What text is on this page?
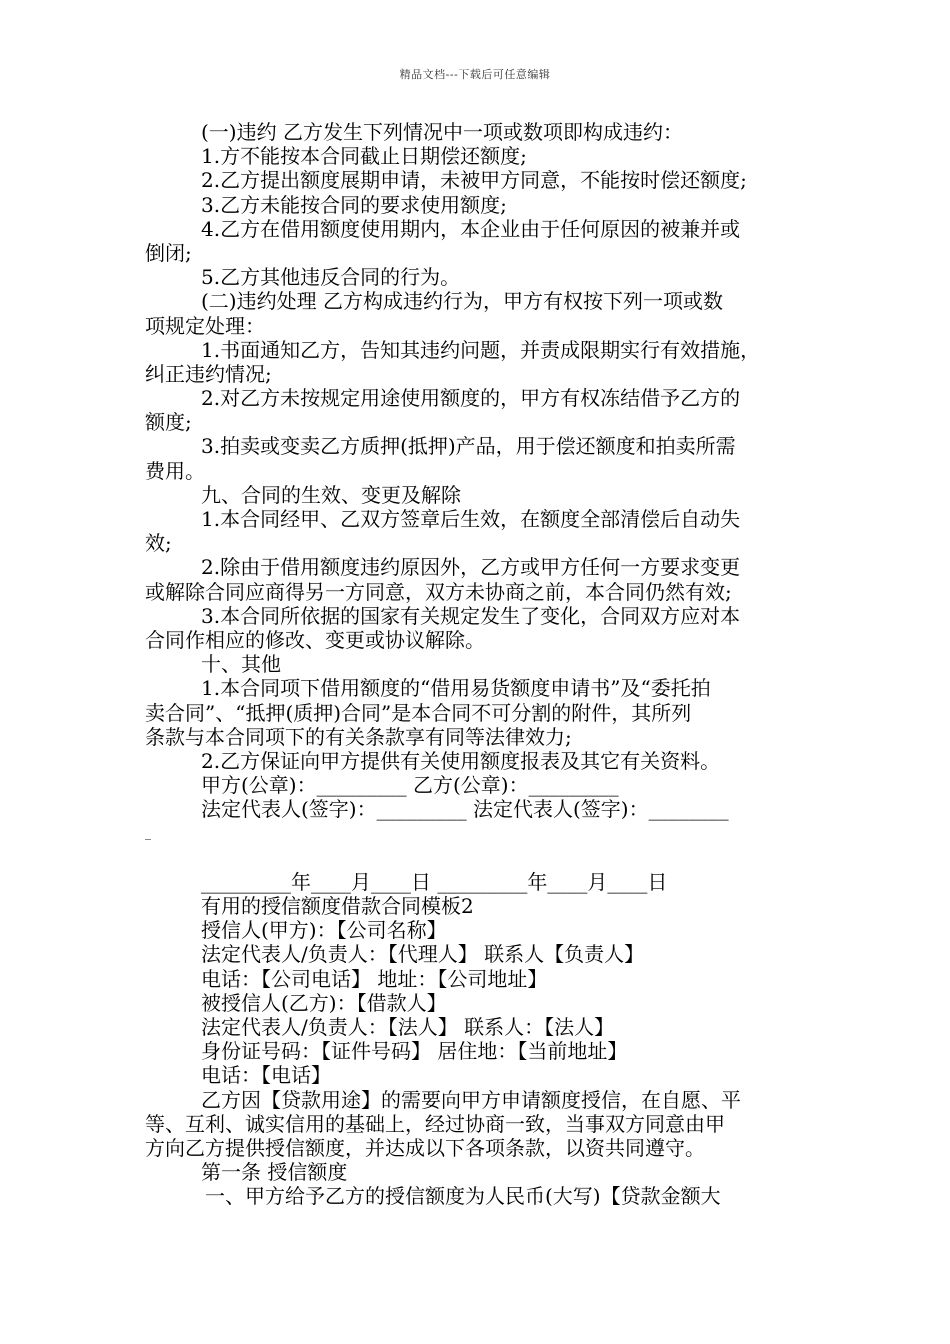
精品文档---下载后可任意编辑
(一)违约 乙方发生下列情况中一项或数项即构成违约：
1.方不能按本合同截止日期偿还额度;
2.乙方提出额度展期申请，未被甲方同意，不能按时偿还额度;
3.乙方未能按合同的要求使用额度;
4.乙方在借用额度使用期内，本企业由于任何原因的被兼并或
倒闭;
5.乙方其他违反合同的行为。
(二)违约处理 乙方构成违约行为，甲方有权按下列一项或数
项规定处理：
1.书面通知乙方，告知其违约问题，并责成限期实行有效措施，
纠正违约情况;
2.对乙方未按规定用途使用额度的，甲方有权冻结借予乙方的
额度;
3.拍卖或变卖乙方质押(抵押)产品，用于偿还额度和拍卖所需
费用。
九、合同的生效、变更及解除
1.本合同经甲、乙双方签章后生效，在额度全部清偿后自动失
效;
2.除由于借用额度违约原因外，乙方或甲方任何一方要求变更
或解除合同应商得另一方同意，双方未协商之前，本合同仍然有效;
3.本合同所依据的国家有关规定发生了变化，合同双方应对本
合同作相应的修改、变更或协议解除。
十、其他
1.本合同项下借用额度的“借用易货额度申请书”及“委托拍
卖合同”、“抵押(质押)合同”是本合同不可分割的附件，其所列
条款与本合同项下的有关条款享有同等法律效力;
2.乙方保证向甲方提供有关使用额度报表及其它有关资料。
甲方(公章)：_________ 乙方(公章)：_________
法定代表人(签字)：_________ 法定代表人(签字)：________
_
_________年____月____日 _________年____月____日
有用的授信额度借款合同模板2
授信人(甲方)：【公司名称】
法定代表人/负责人：【代理人】 联系人【负责人】
电话：【公司电话】 地址：【公司地址】
被授信人(乙方)：【借款人】
法定代表人/负责人：【法人】 联系人：【法人】
身份证号码：【证件号码】 居住地：【当前地址】
电话：【电话】
乙方因【贷款用途】的需要向甲方申请额度授信，在自愿、平
等、互利、诚实信用的基础上，经过协商一致，当事双方同意由甲
方向乙方提供授信额度，并达成以下各项条款，以资共同遵守。
第一条 授信额度
一、甲方给予乙方的授信额度为人民币(大写)【贷款金额大
